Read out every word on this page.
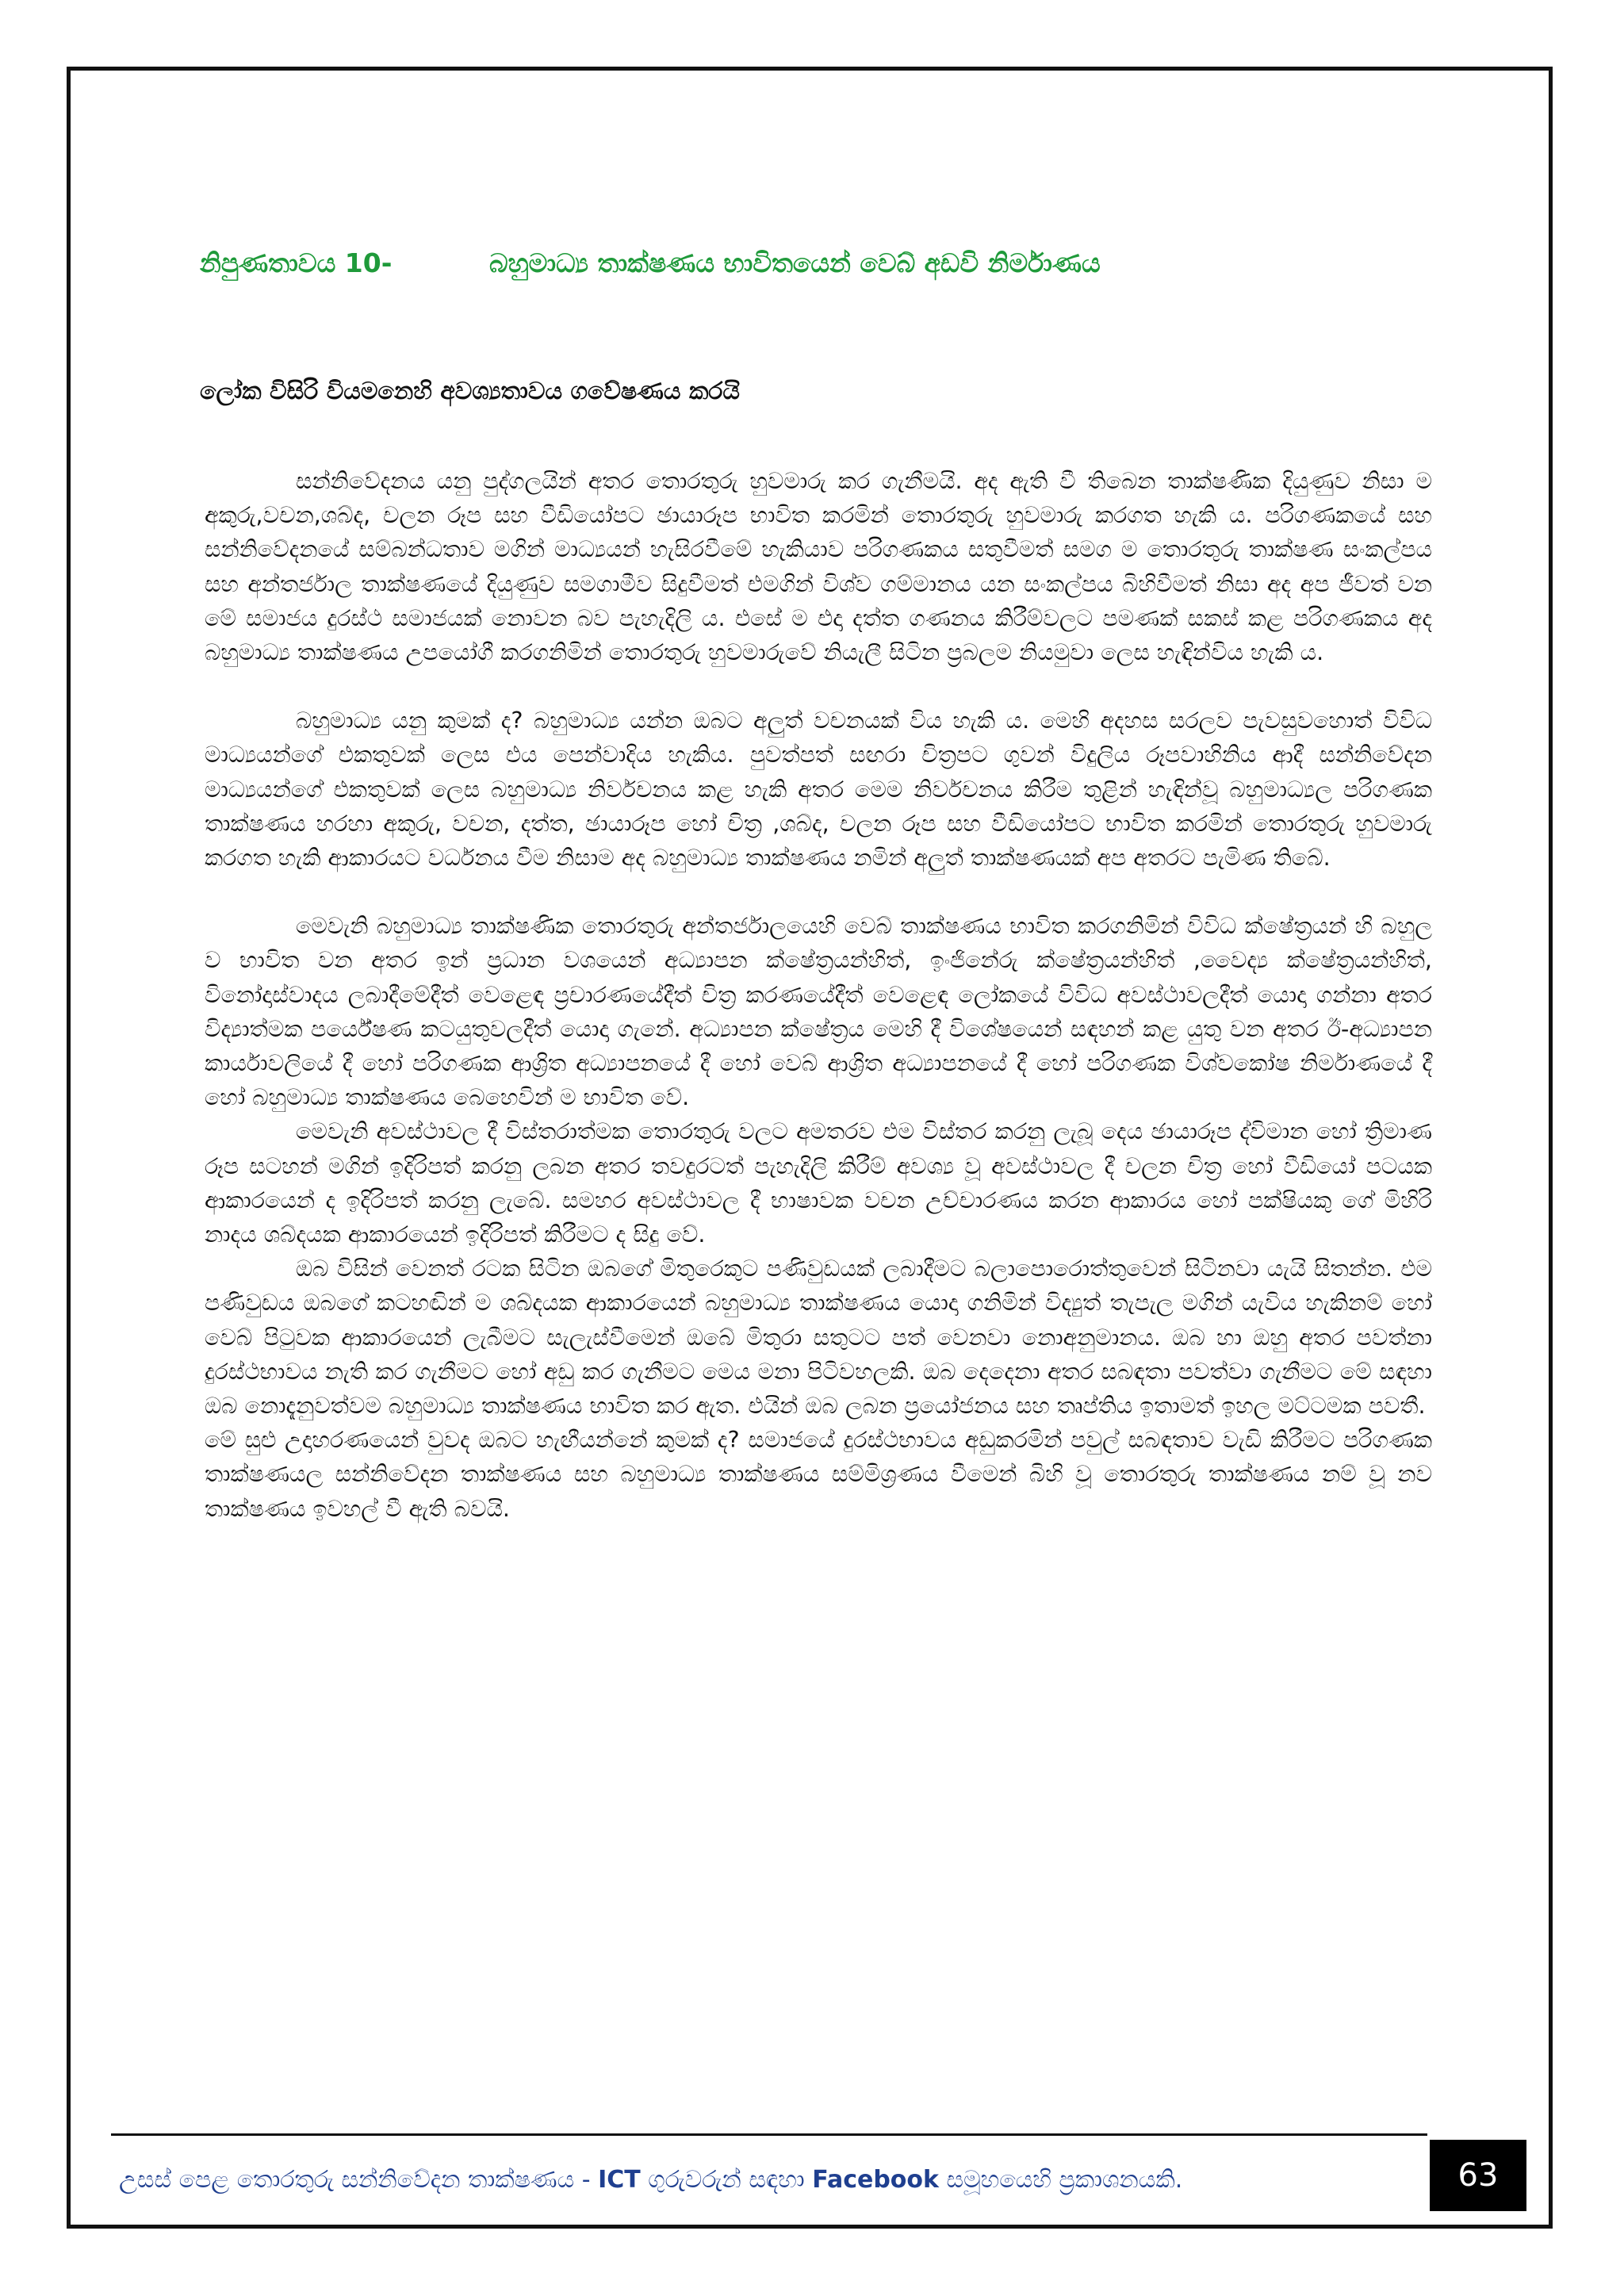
නිපුණතාවය 10-	බහුමාධ්‍ය තාක්ෂණය භාවිතයෙන් වෙබ් අඩවි නිර්මාණය
ලෝක විසිරි වියමනෙහි අවශ්‍යතාවය ගවේෂණය කරයි

සන්නිවේදනය යනු පුද්ගලයින් අතර තොරතුරු හුවමාරු කර ගැනීමයි. අද ඇති වී තිබෙන තාක්ෂණික දියුණුව නිසා ම අකුරු,වචන,ශබ්ද, චලන රූප සහ වීඩියෝපට ඡායාරූප භාවිත කරමින් තොරතුරු හුවමාරු කරගත හැකි ය. පරිගණකයේ සහ සන්නිවේදනයේ සම්බන්ධතාව මගින් මාධ්‍යයන් හැසිරවීමේ හැකියාව පරිගණකය සතුවීමත් සමග ම තොරතුරු තාක්ෂණ සංකල්පය සහ අන්තර්ජාල තාක්ෂණයේ දියුණුව සමගාමීව සිදුවීමත් එමගින් විශ්ව ගම්මානය යන සංකල්පය බිහිවීමත් නිසා අද අප ජීවත් වන මේ සමාජය දුරස්ථ සමාජයක් නොවන බව පැහැදිලි ය. එසේ ම එදා දත්ත ගණනය කිරීම්වලට පමණක් සකස් කළ පරිගණකය අද බහුමාධ්‍ය තාක්ෂණය උපයෝගී කරගනිමින් තොරතුරු හුවමාරුවේ නියැලී සිටින ප්‍රබලම නියමුවා ලෙස හැඳින්විය හැකි ය.

බහුමාධ්‍ය යනු කුමක් ද? බහුමාධ්‍ය යන්න ඔබට අලුත් වචනයක් විය හැකි ය. මෙහි අදහස සරලව පැවසුවහොත් විවිධ මාධ්‍යයන්ගේ එකතුවක් ලෙස එය පෙන්වාදිය හැකිය. පුවත්පත් සඟරා චිත්‍රපට ගුවන් විදුලිය රූපවාහිනිය ආදී සන්නිවේදන මාධ්‍යයන්ගේ එකතුවක් ලෙස බහුමාධ්‍ය නිර්වචනය කළ හැකි අතර මෙම නිර්වචනය කිරීම තුළින් හැඳින්වූ බහුමාධ්‍යල පරිගණක තාක්ෂණය හරහා අකුරු, වචන, දත්ත, ඡායාරූප හෝ චිත්‍ර ,ශබ්ද, චලන රූප සහ වීඩියෝපට භාවිත කරමින් තොරතුරු හුවමාරු කරගත හැකි ආකාරයට වර්ධනය වීම නිසාම අද බහුමාධ්‍ය තාක්ෂණය නමින් අලුත් තාක්ෂණයක් අප අතරට පැමිණ තිබේ.

මෙවැනි බහුමාධ්‍ය තාක්ෂණික තොරතුරු අන්තර්ජාලයෙහි වෙබ් තාක්ෂණය භාවිත කරගනිමින් විවිධ ක්ෂේත්‍රයන් හි බහුල ව භාවිත වන අතර ඉන් ප්‍රධාන වශයෙන් අධ්‍යාපන ක්ෂේත්‍රයන්හිත්, ඉංජිනේරු ක්ෂේත්‍රයන්හිත් ,වෛද්‍ය ක්ෂේත්‍රයන්හිත්, විනෝදාස්වාදය ලබාදීමේදීත් වෙළෙඳ ප්‍රචාරණයේදීත් චිත්‍ර කරණයේදීත් වෙළෙඳ ලෝකයේ විවිධ අවස්ථාවලදීත් යොදා ගන්නා අතර විද්‍යාත්මක පර්යේෂණ කටයුතුවලදීත් යොදා ගැනේ. අධ්‍යාපන ක්ෂේත්‍රය මෙහි දී විශේෂයෙන් සඳහන් කළ යුතු වන අතර ඊ-අධ්‍යාපන කාර්යාවලියේ දී හෝ පරිගණක ආශ්‍රිත අධ්‍යාපනයේ දී හෝ වෙබ් ආශ්‍රිත අධ්‍යාපනයේ දී හෝ පරිගණක විශ්වකෝෂ නිර්මාණයේ දී හෝ බහුමාධ්‍ය තාක්ෂණය බෙහෙවින් ම භාවිත වේ.

මෙවැනි අවස්ථාවල දී විස්තරාත්මක තොරතුරු වලට අමතරව එම විස්තර කරනු ලැබූ දෙය ඡායාරූප ද්විමාන හෝ ත්‍රිමාණ රූප සටහන් මගින් ඉදිරිපත් කරනු ලබන අතර තවදුරටත් පැහැදිලි කිරීම් අවශ්‍ය වූ අවස්ථාවල දී චලන චිත්‍ර හෝ වීඩියෝ පටයක ආකාරයෙන් ද ඉදිරිපත් කරනු ලැබේ. සමහර අවස්ථාවල දී භාෂාවක වචන උච්චාරණය කරන ආකාරය හෝ පක්ෂියකු ගේ මිහිරි නාදය ශබ්දයක ආකාරයෙන් ඉදිරිපත් කිරීමට ද සිදු වේ.

ඔබ විසින් වෙනත් රටක සිටින ඔබගේ මිතුරෙකුට පණිවුඩයක් ලබාදීමට බලාපොරොත්තුවෙන් සිටිනවා යැයි සිතන්න. එම පණිවුඩය ඔබගේ කටහඬින් ම ශබ්දයක ආකාරයෙන් බහුමාධ්‍ය තාක්ෂණය යොදා ගනිමින් විද්‍යුත් තැපැල මගින් යැවිය හැකිනම් හෝ වෙබ් පිටුවක ආකාරයෙන් ලැබීමට සැලැස්වීමෙන් ඔබේ මිතුරා සතුටට පත් වෙනවා නොඅනුමානය. ඔබ හා ඔහු අතර පවත්නා දුරස්ථභාවය නැති කර ගැනීමට හෝ අඩු කර ගැනීමට මෙය මනා පිටිවහලකි. ඔබ දෙදෙනා අතර සබඳතා පවත්වා ගැනීමට මේ සඳහා ඔබ නොදැනුවත්වම බහුමාධ්‍ය තාක්ෂණය භාවිත කර ඇත. එයින් ඔබ ලබන ප්‍රයෝජනය සහ තෘප්තිය ඉතාමත් ඉහල මට්ටමක පවතී.

මේ සුළු උදාහරණයෙන් වුවද ඔබට හැඟීයන්නේ කුමක් ද? සමාජයේ දුරස්ථභාවය අඩුකරමින් පවුල් සබඳතාව වැඩි කිරීමට පරිගණක තාක්ෂණයල සන්නිවේදන තාක්ෂණය සහ බහුමාධ්‍ය තාක්ෂණය සම්මිශ්‍රණය වීමෙන් බිහි වූ තොරතුරු තාක්ෂණය නම් වූ නව තාක්ෂණය ඉවහල් වී ඇති බවයි.

උසස් පෙළ තොරතුරු සන්නිවේදන තාක්ෂණය - ICT ගුරුවරුන් සඳහා Facebook සමූහයෙහි ප්‍රකාශනයකි.	63
